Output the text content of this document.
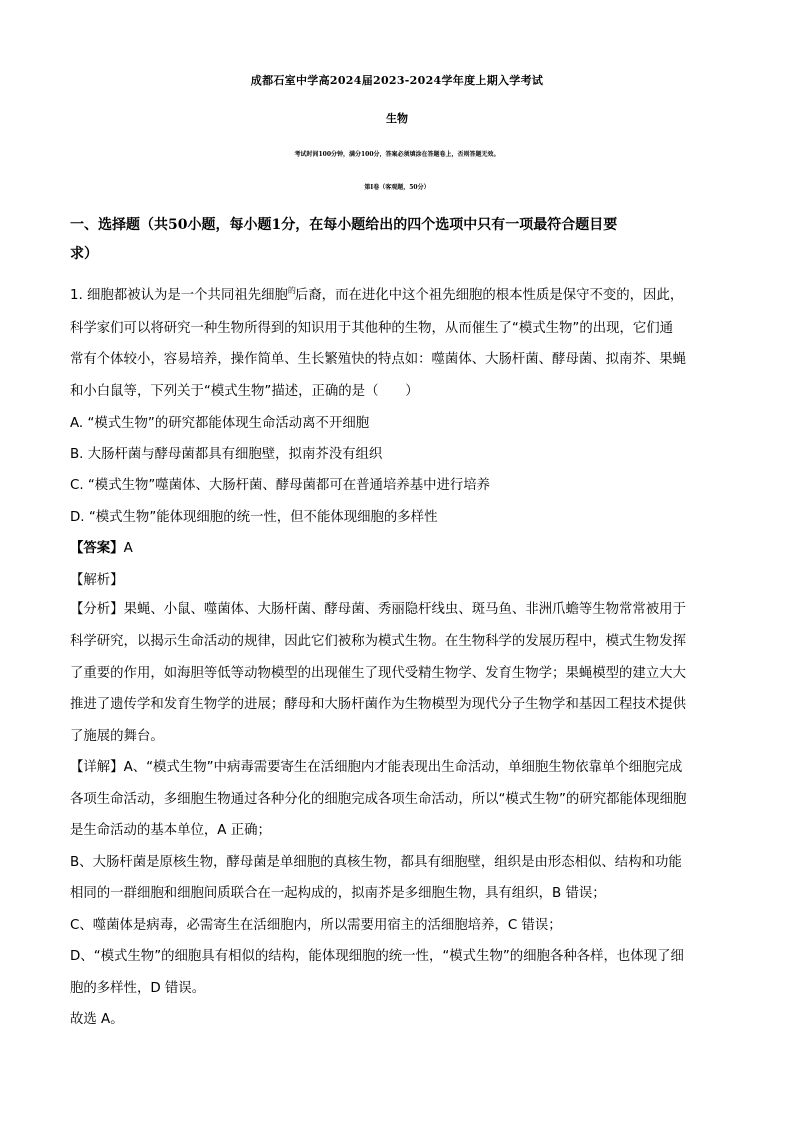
成都石室中学高2024届2023-2024学年度上期入学考试
生物
考试时间100分钟，满分100分，答案必须填涂在答题卷上，否则答题无效。
第Ⅰ卷（客观题，50分）
一、选择题（共50小题，每小题1分，在每小题给出的四个选项中只有一项最符合题目要
求）
1. 细胞都被认为是一个共同祖先细胞$^的$后裔，而在进化中这个祖先细胞的根本性质是保守不变的，因此，
科学家们可以将研究一种生物所得到的知识用于其他种的生物，从而催生了“模式生物”的出现，它们通
常有个体较小，容易培养，操作简单、生长繁殖快的特点如：噬菌体、大肠杆菌、酵母菌、拟南芥、果蝇
和小白鼠等，下列关于“模式生物”描述，正确的是（　　）
A. “模式生物”的研究都能体现生命活动离不开细胞
B. 大肠杆菌与酵母菌都具有细胞壁，拟南芥没有组织
C. “模式生物”噬菌体、大肠杆菌、酵母菌都可在普通培养基中进行培养
D. “模式生物”能体现细胞的统一性，但不能体现细胞的多样性
【答案】A
【解析】
【分析】果蝇、小鼠、噬菌体、大肠杆菌、酵母菌、秀丽隐杆线虫、斑马鱼、非洲爪蟾等生物常常被用于
科学研究，以揭示生命活动的规律，因此它们被称为模式生物。在生物科学的发展历程中，模式生物发挥
了重要的作用，如海胆等低等动物模型的出现催生了现代受精生物学、发育生物学；果蝇模型的建立大大
推进了遗传学和发育生物学的进展；酵母和大肠杆菌作为生物模型为现代分子生物学和基因工程技术提供
了施展的舞台。
【详解】A、“模式生物”中病毒需要寄生在活细胞内才能表现出生命活动，单细胞生物依靠单个细胞完成
各项生命活动，多细胞生物通过各种分化的细胞完成各项生命活动，所以“模式生物”的研究都能体现细胞
是生命活动的基本单位，A 正确；
B、大肠杆菌是原核生物，酵母菌是单细胞的真核生物，都具有细胞壁，组织是由形态相似、结构和功能
相同的一群细胞和细胞间质联合在一起构成的，拟南芥是多细胞生物，具有组织，B 错误；
C、噬菌体是病毒，必需寄生在活细胞内，所以需要用宿主的活细胞培养，C 错误；
D、“模式生物”的细胞具有相似的结构，能体现细胞的统一性，“模式生物”的细胞各种各样，也体现了细
胞的多样性，D 错误。
故选 A。
